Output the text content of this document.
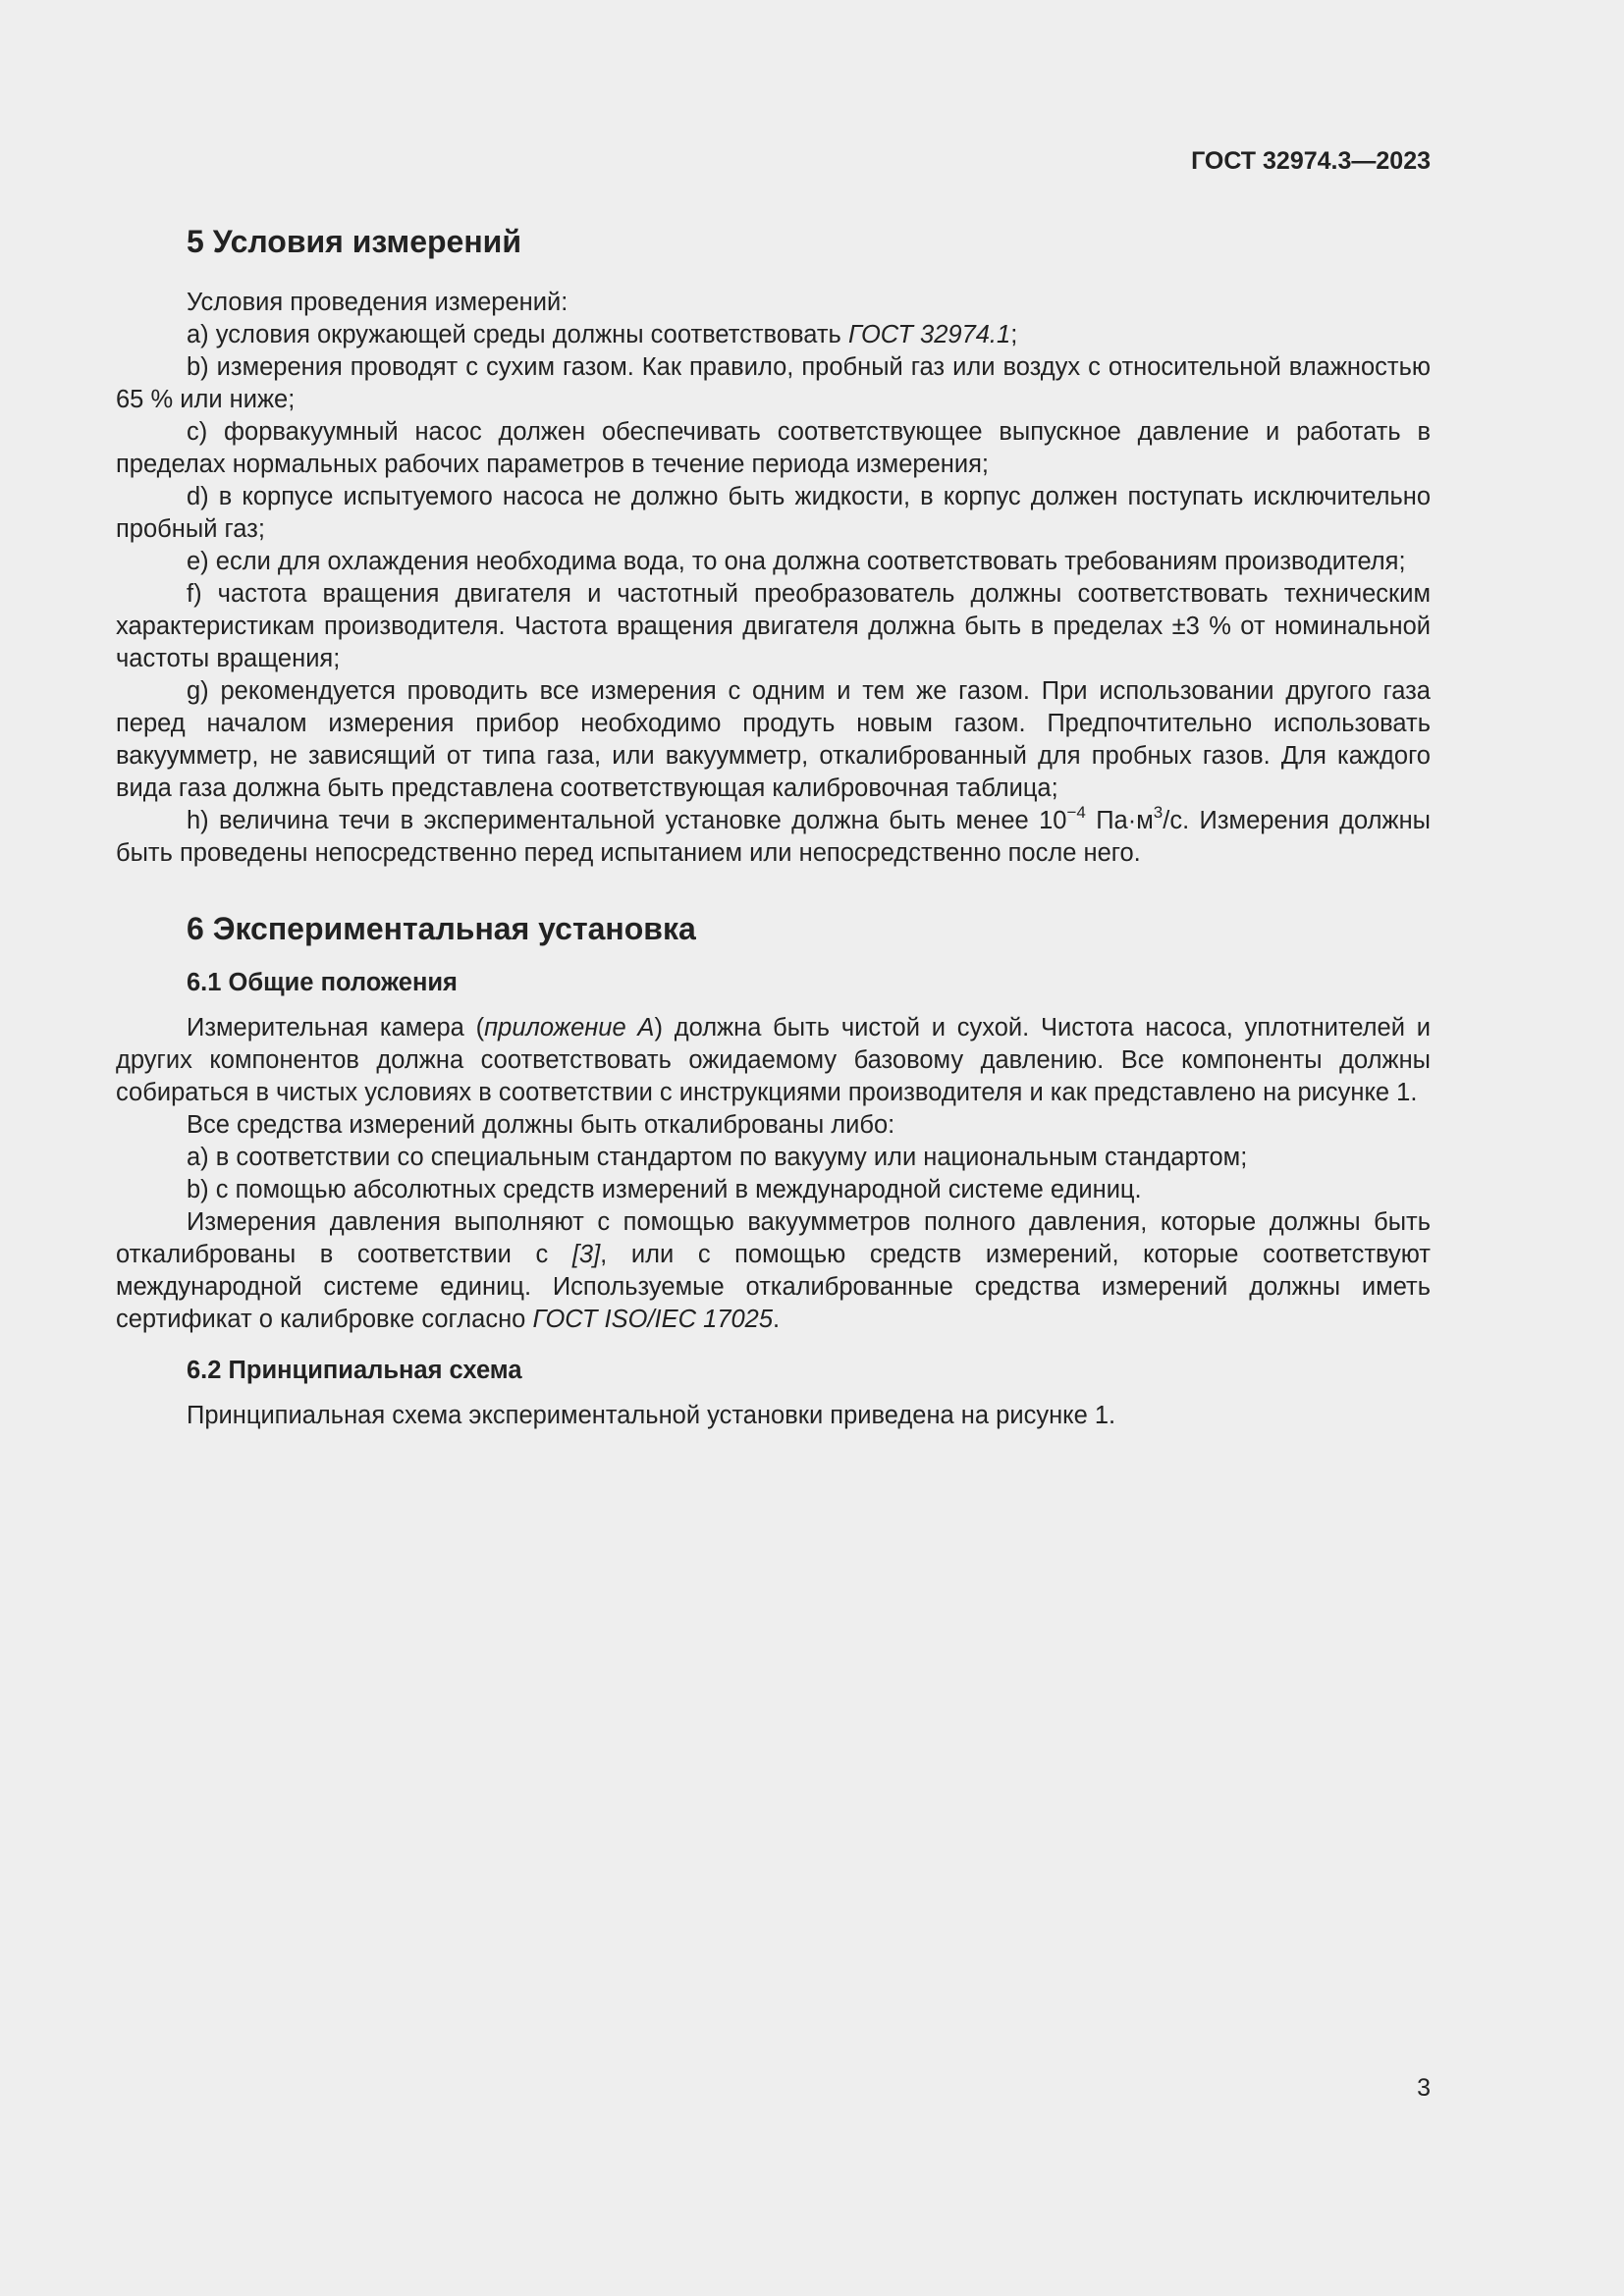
ГОСТ 32974.3—2023
5 Условия измерений

Условия проведения измерений:

a) условия окружающей среды должны соответствовать ГОСТ 32974.1;

b) измерения проводят с сухим газом. Как правило, пробный газ или воздух с относительной влажностью 65 % или ниже;

c) форвакуумный насос должен обеспечивать соответствующее выпускное давление и работать в пределах нормальных рабочих параметров в течение периода измерения;

d) в корпусе испытуемого насоса не должно быть жидкости, в корпус должен поступать исключительно пробный газ;

e) если для охлаждения необходима вода, то она должна соответствовать требованиям производителя;

f) частота вращения двигателя и частотный преобразователь должны соответствовать техническим характеристикам производителя. Частота вращения двигателя должна быть в пределах ±3 % от номинальной частоты вращения;

g) рекомендуется проводить все измерения с одним и тем же газом. При использовании другого газа перед началом измерения прибор необходимо продуть новым газом. Предпочтительно использовать вакуумметр, не зависящий от типа газа, или вакуумметр, откалиброванный для пробных газов. Для каждого вида газа должна быть представлена соответствующая калибровочная таблица;

h) величина течи в экспериментальной установке должна быть менее $10^{-4}$ $Па\cdot м^3/с$. Измерения должны быть проведены непосредственно перед испытанием или непосредственно после него.

6 Экспериментальная установка
6.1 Общие положения

Измерительная камера (приложение А) должна быть чистой и сухой. Чистота насоса, уплотнителей и других компонентов должна соответствовать ожидаемому базовому давлению. Все компоненты должны собираться в чистых условиях в соответствии с инструкциями производителя и как представлено на рисунке 1.

Все средства измерений должны быть откалиброваны либо:

a) в соответствии со специальным стандартом по вакууму или национальным стандартом;

b) с помощью абсолютных средств измерений в международной системе единиц.

Измерения давления выполняют с помощью вакуумметров полного давления, которые должны быть откалиброваны в соответствии с [3], или с помощью средств измерений, которые соответствуют международной системе единиц. Используемые откалиброванные средства измерений должны иметь сертификат о калибровке согласно ГОСТ ISO/IEC 17025.

6.2 Принципиальная схема

Принципиальная схема экспериментальной установки приведена на рисунке 1.

3
